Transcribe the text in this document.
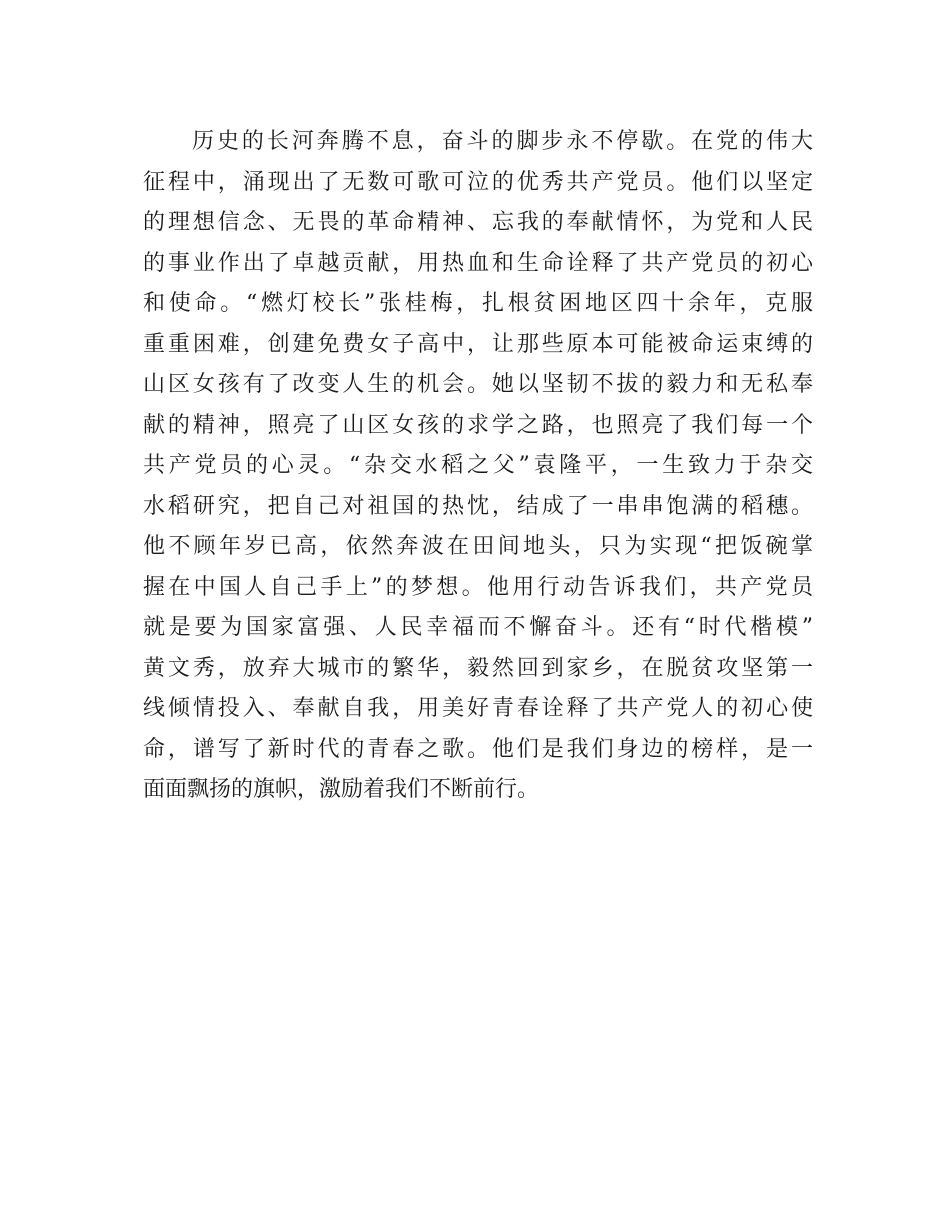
历史的长河奔腾不息，奋斗的脚步永不停歇。在党的伟大
征程中，涌现出了无数可歌可泣的优秀共产党员。他们以坚定
的理想信念、无畏的革命精神、忘我的奉献情怀，为党和人民
的事业作出了卓越贡献，用热血和生命诠释了共产党员的初心
和使命。“燃灯校长”张桂梅，扎根贫困地区四十余年，克服
重重困难，创建免费女子高中，让那些原本可能被命运束缚的
山区女孩有了改变人生的机会。她以坚韧不拔的毅力和无私奉
献的精神，照亮了山区女孩的求学之路，也照亮了我们每一个
共产党员的心灵。“杂交水稻之父”袁隆平，一生致力于杂交
水稻研究，把自己对祖国的热忱，结成了一串串饱满的稻穗。
他不顾年岁已高，依然奔波在田间地头，只为实现“把饭碗掌
握在中国人自己手上”的梦想。他用行动告诉我们，共产党员
就是要为国家富强、人民幸福而不懈奋斗。还有“时代楷模”
黄文秀，放弃大城市的繁华，毅然回到家乡，在脱贫攻坚第一
线倾情投入、奉献自我，用美好青春诠释了共产党人的初心使
命，谱写了新时代的青春之歌。他们是我们身边的榜样，是一
面面飘扬的旗帜，激励着我们不断前行。
